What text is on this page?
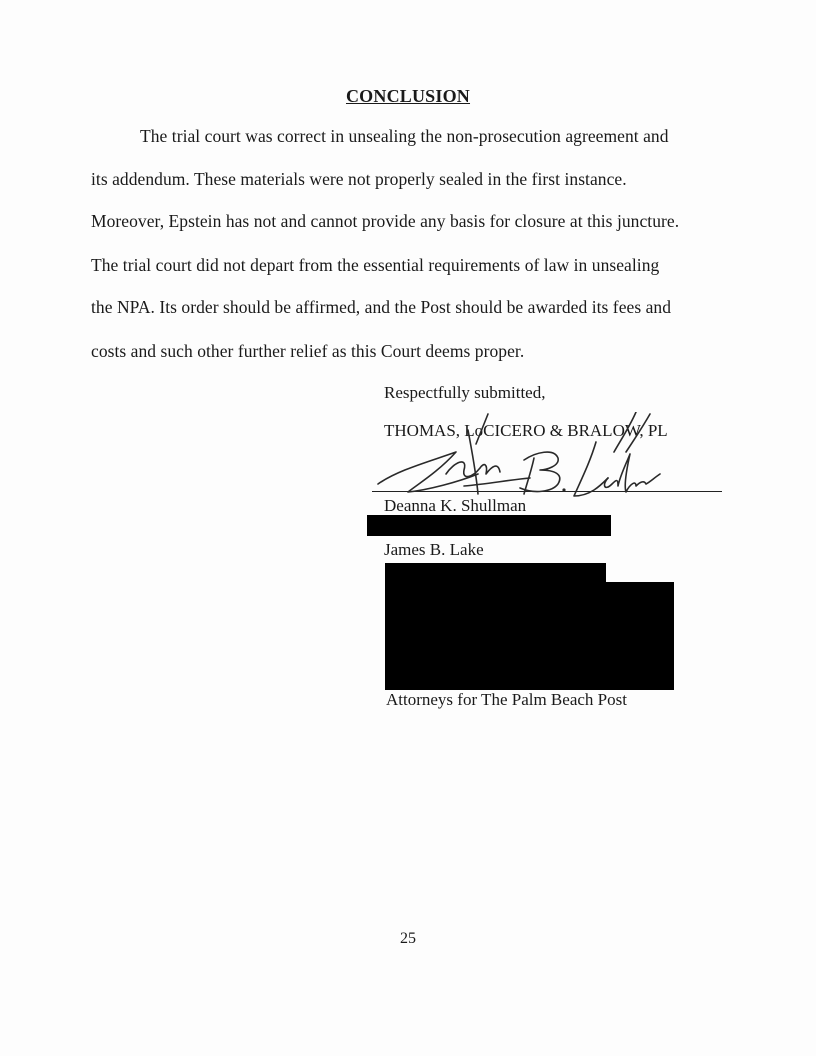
CONCLUSION
The trial court was correct in unsealing the non-prosecution agreement and
its addendum. These materials were not properly sealed in the first instance.
Moreover, Epstein has not and cannot provide any basis for closure at this juncture.
The trial court did not depart from the essential requirements of law in unsealing
the NPA. Its order should be affirmed, and the Post should be awarded its fees and
costs and such other further relief as this Court deems proper.
Respectfully submitted,
THOMAS, LoCICERO & BRALOW, PL
Deanna K. Shullman
James B. Lake
Attorneys for The Palm Beach Post
25
